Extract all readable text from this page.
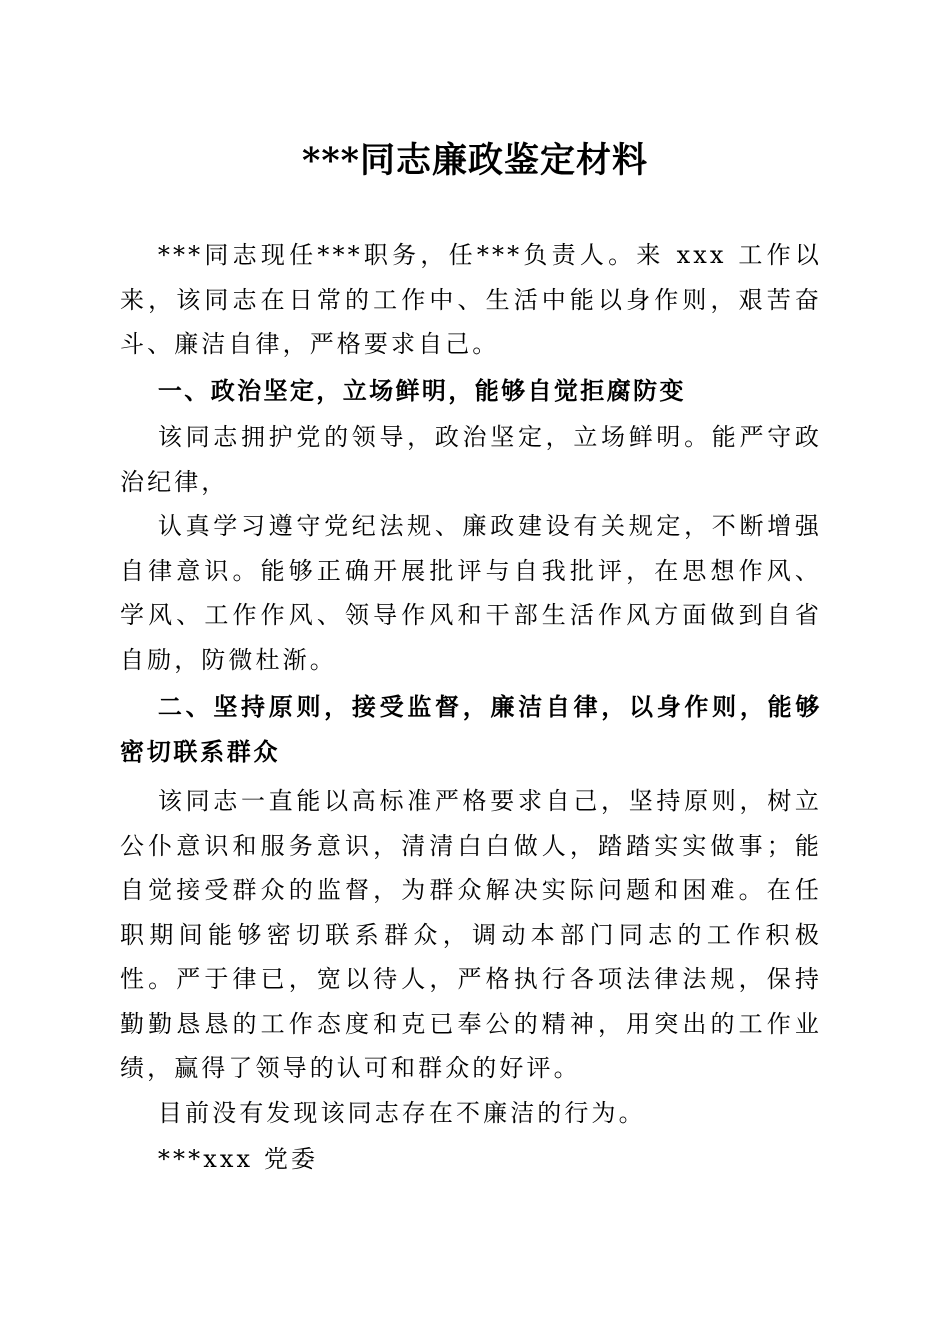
***同志廉政鉴定材料

***同志现任***职务，任***负责人。来 xxx 工作以来，该同志在日常的工作中、生活中能以身作则，艰苦奋斗、廉洁自律，严格要求自己。

一、政治坚定，立场鲜明，能够自觉拒腐防变

该同志拥护党的领导，政治坚定，立场鲜明。能严守政治纪律，

认真学习遵守党纪法规、廉政建设有关规定，不断增强自律意识。能够正确开展批评与自我批评，在思想作风、学风、工作作风、领导作风和干部生活作风方面做到自省自励，防微杜渐。

二、坚持原则，接受监督，廉洁自律，以身作则，能够密切联系群众

该同志一直能以高标准严格要求自己，坚持原则，树立公仆意识和服务意识，清清白白做人，踏踏实实做事；能自觉接受群众的监督，为群众解决实际问题和困难。在任职期间能够密切联系群众，调动本部门同志的工作积极性。严于律已，宽以待人，严格执行各项法律法规，保持勤勤恳恳的工作态度和克已奉公的精神，用突出的工作业绩，赢得了领导的认可和群众的好评。

目前没有发现该同志存在不廉洁的行为。

***xxx 党委
